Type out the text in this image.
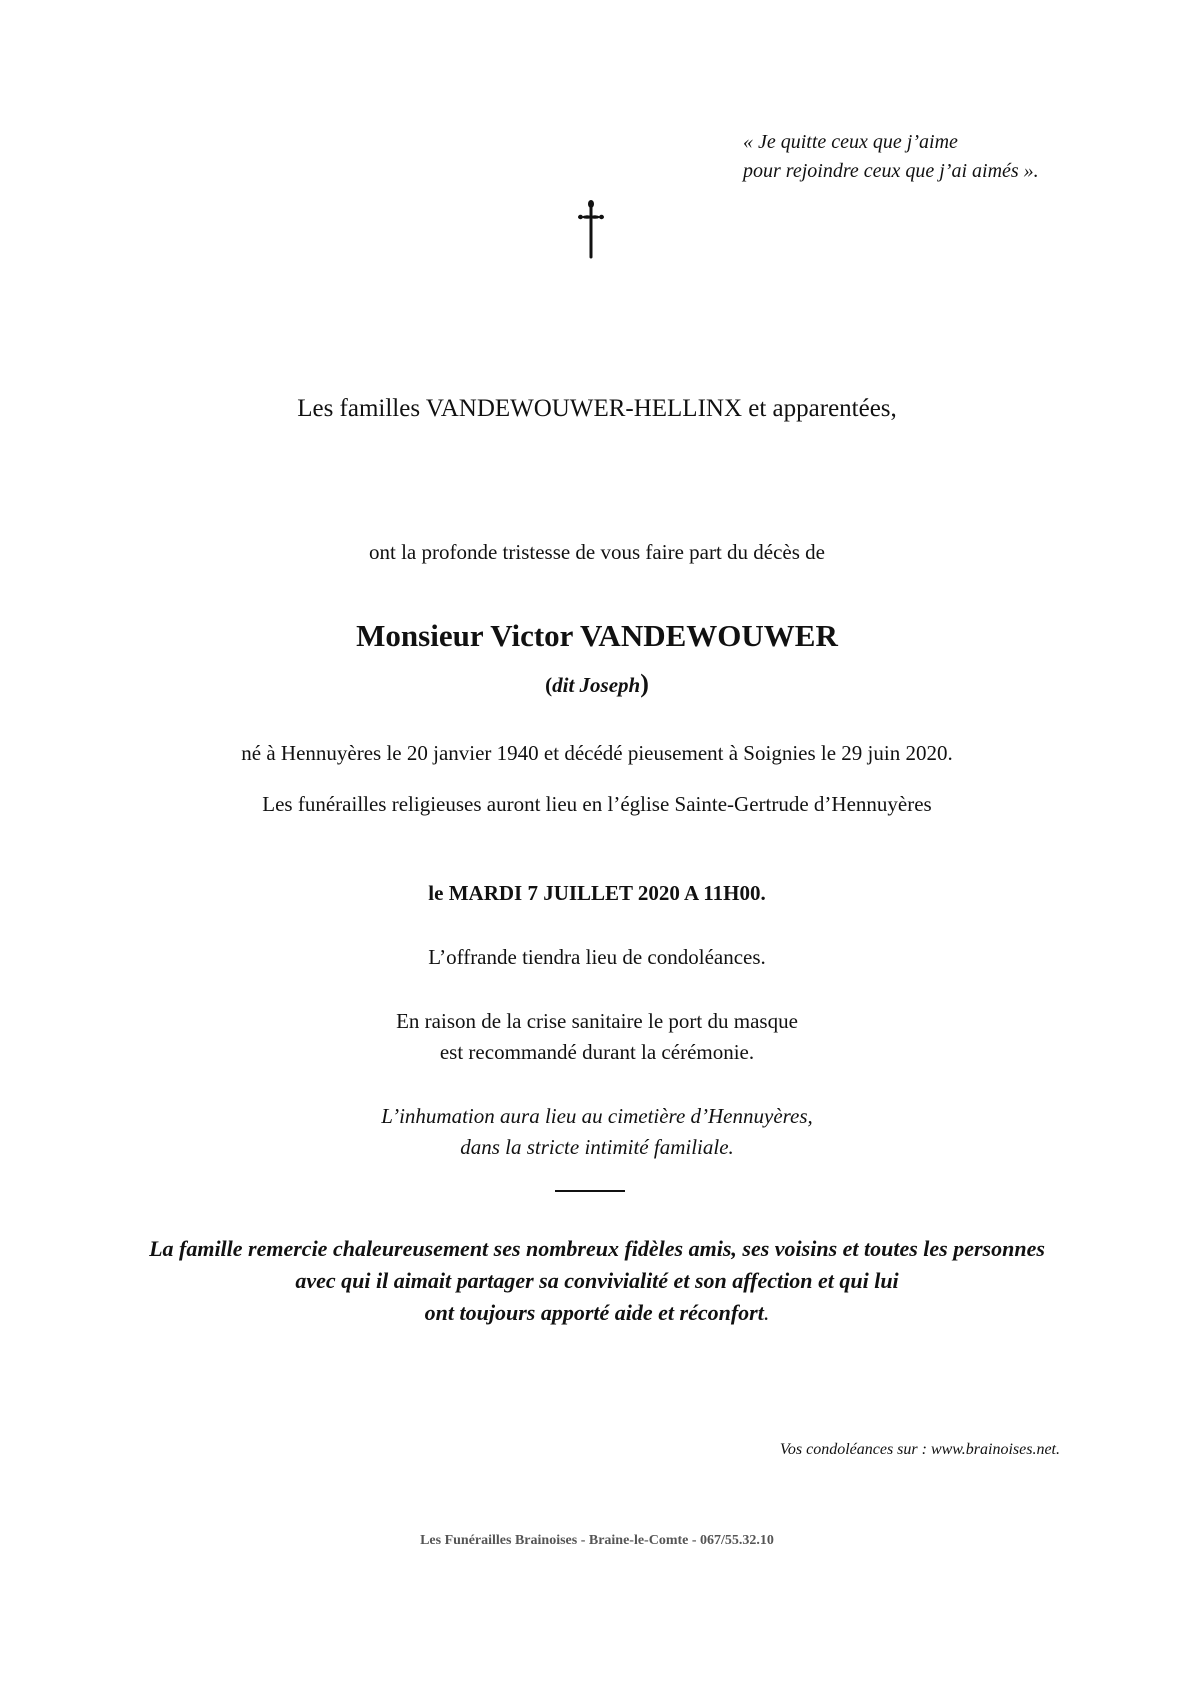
« Je quitte ceux que j’aime
pour rejoindre ceux que j’ai aimés ».
Les familles VANDEWOUWER-HELLINX et apparentées,
ont la profonde tristesse de vous faire part du décès de
Monsieur Victor VANDEWOUWER
(dit Joseph)
né à Hennuyères le 20 janvier 1940 et décédé pieusement à Soignies le 29 juin 2020.
Les funérailles religieuses auront lieu en l’église Sainte-Gertrude d’Hennuyères
le MARDI 7 JUILLET 2020 A 11H00.
L’offrande tiendra lieu de condoléances.
En raison de la crise sanitaire le port du masque
est recommandé durant la cérémonie.
L’inhumation aura lieu au cimetière d’Hennuyères,
dans la stricte intimité familiale.
La famille remercie chaleureusement ses nombreux fidèles amis, ses voisins et toutes les personnes
avec qui il aimait partager sa convivialité et son affection et qui lui
ont toujours apporté aide et réconfort.
Vos condoléances sur : www.brainoises.net.
Les Funérailles Brainoises - Braine-le-Comte - 067/55.32.10
